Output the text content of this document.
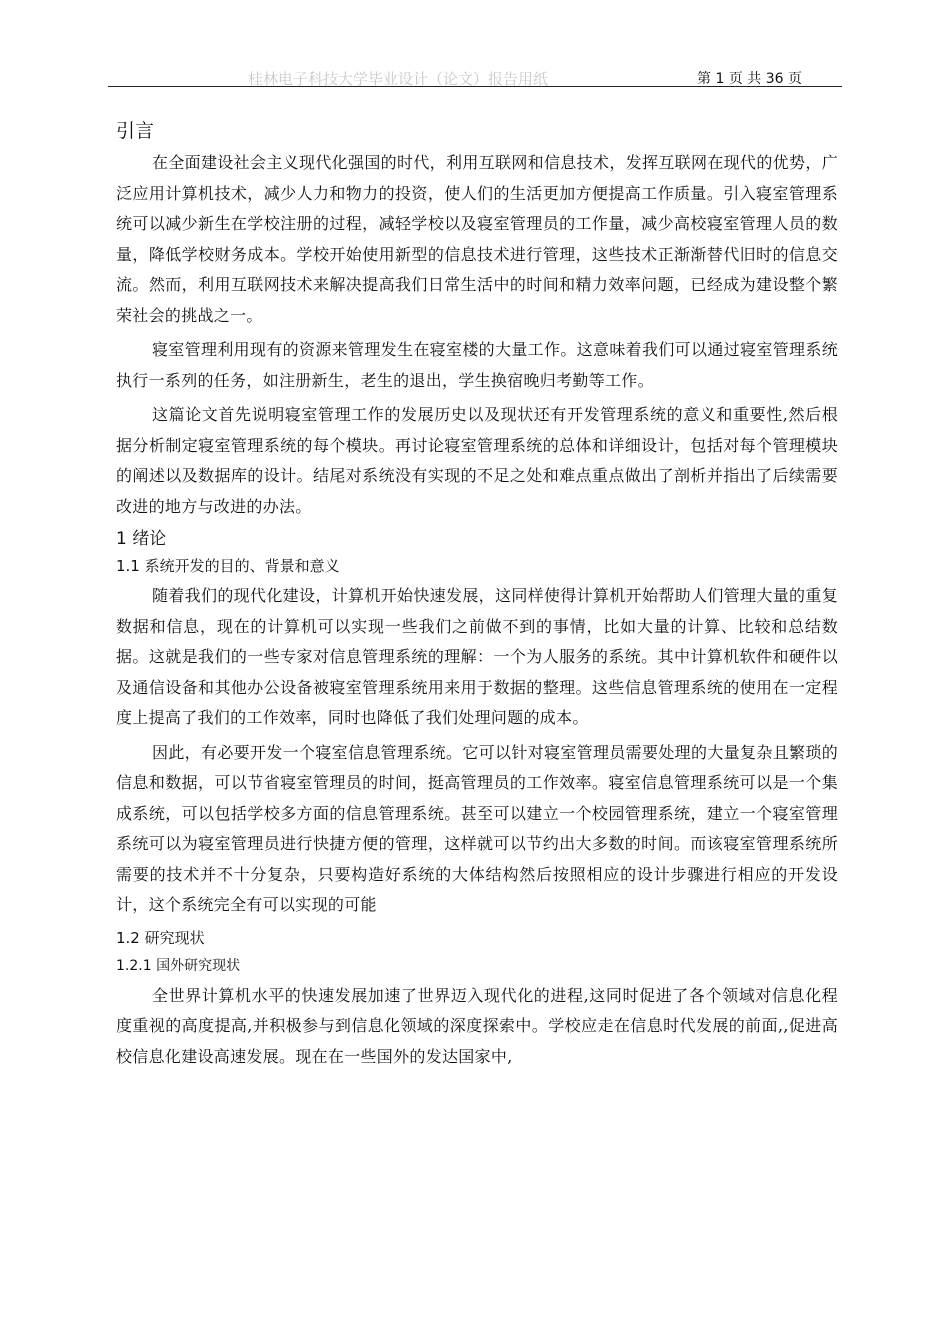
桂林电子科技大学毕业设计（论文）报告用纸	第 1 页 共 36 页
引言

在全面建设社会主义现代化强国的时代，利用互联网和信息技术，发挥互联网在现代的优势，广泛应用计算机技术，减少人力和物力的投资，使人们的生活更加方便提高工作质量。引入寝室管理系统可以减少新生在学校注册的过程，减轻学校以及寝室管理员的工作量，减少高校寝室管理人员的数量，降低学校财务成本。学校开始使用新型的信息技术进行管理，这些技术正渐渐替代旧时的信息交流。然而，利用互联网技术来解决提高我们日常生活中的时间和精力效率问题，已经成为建设整个繁荣社会的挑战之一。

寝室管理利用现有的资源来管理发生在寝室楼的大量工作。这意味着我们可以通过寝室管理系统执行一系列的任务，如注册新生，老生的退出，学生换宿晚归考勤等工作。

这篇论文首先说明寝室管理工作的发展历史以及现状还有开发管理系统的意义和重要性,然后根据分析制定寝室管理系统的每个模块。再讨论寝室管理系统的总体和详细设计，包括对每个管理模块的阐述以及数据库的设计。结尾对系统没有实现的不足之处和难点重点做出了剖析并指出了后续需要改进的地方与改进的办法。

1 绪论
1.1 系统开发的目的、背景和意义

随着我们的现代化建设，计算机开始快速发展，这同样使得计算机开始帮助人们管理大量的重复数据和信息，现在的计算机可以实现一些我们之前做不到的事情，比如大量的计算、比较和总结数据。这就是我们的一些专家对信息管理系统的理解：一个为人服务的系统。其中计算机软件和硬件以及通信设备和其他办公设备被寝室管理系统用来用于数据的整理。这些信息管理系统的使用在一定程度上提高了我们的工作效率，同时也降低了我们处理问题的成本。

因此，有必要开发一个寝室信息管理系统。它可以针对寝室管理员需要处理的大量复杂且繁琐的信息和数据，可以节省寝室管理员的时间，挺高管理员的工作效率。寝室信息管理系统可以是一个集成系统，可以包括学校多方面的信息管理系统。甚至可以建立一个校园管理系统，建立一个寝室管理系统可以为寝室管理员进行快捷方便的管理，这样就可以节约出大多数的时间。而该寝室管理系统所需要的技术并不十分复杂，只要构造好系统的大体结构然后按照相应的设计步骤进行相应的开发设计，这个系统完全有可以实现的可能

1.2 研究现状
1.2.1 国外研究现状

全世界计算机水平的快速发展加速了世界迈入现代化的进程,这同时促进了各个领域对信息化程度重视的高度提高,并积极参与到信息化领域的深度探索中。学校应走在信息时代发展的前面,,促进高校信息化建设高速发展。现在在一些国外的发达国家中,
